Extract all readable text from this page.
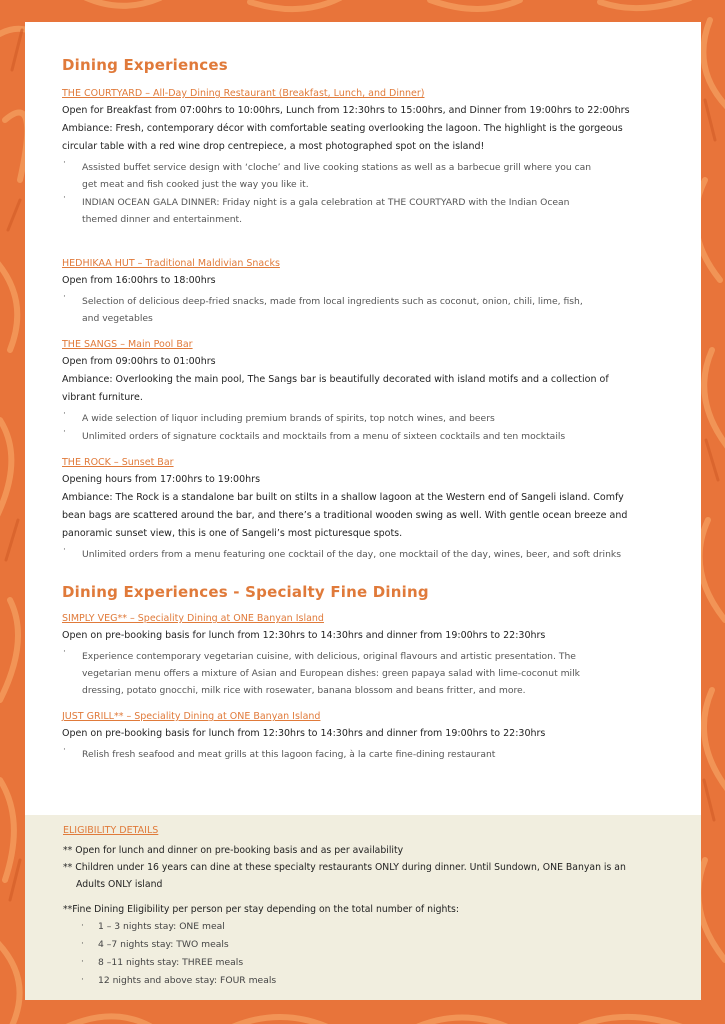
Dining Experiences
THE COURTYARD – All-Day Dining Restaurant (Breakfast, Lunch, and Dinner)

Open for Breakfast from 07:00hrs to 10:00hrs, Lunch from 12:30hrs to 15:00hrs, and Dinner from 19:00hrs to 22:00hrs

Ambiance: Fresh, contemporary décor with comfortable seating overlooking the lagoon. The highlight is the gorgeous

circular table with a red wine drop centrepiece, a most photographed spot on the island!

· Assisted buffet service design with ‘cloche’ and live cooking stations as well as a barbecue grill where you can
get meat and fish cooked just the way you like it.
· INDIAN OCEAN GALA DINNER: Friday night is a gala celebration at THE COURTYARD with the Indian Ocean
themed dinner and entertainment.
HEDHIKAA HUT – Traditional Maldivian Snacks

Open from 16:00hrs to 18:00hrs

· Selection of delicious deep-fried snacks, made from local ingredients such as coconut, onion, chili, lime, fish,
and vegetables
THE SANGS – Main Pool Bar

Open from 09:00hrs to 01:00hrs

Ambiance: Overlooking the main pool, The Sangs bar is beautifully decorated with island motifs and a collection of

vibrant furniture.

· A wide selection of liquor including premium brands of spirits, top notch wines, and beers
· Unlimited orders of signature cocktails and mocktails from a menu of sixteen cocktails and ten mocktails
THE ROCK – Sunset Bar

Opening hours from 17:00hrs to 19:00hrs

Ambiance: The Rock is a standalone bar built on stilts in a shallow lagoon at the Western end of Sangeli island. Comfy

bean bags are scattered around the bar, and there’s a traditional wooden swing as well. With gentle ocean breeze and

panoramic sunset view, this is one of Sangeli’s most picturesque spots.

· Unlimited orders from a menu featuring one cocktail of the day, one mocktail of the day, wines, beer, and soft drinks
Dining Experiences - Specialty Fine Dining
SIMPLY VEG** – Speciality Dining at ONE Banyan Island

Open on pre-booking basis for lunch from 12:30hrs to 14:30hrs and dinner from 19:00hrs to 22:30hrs

· Experience contemporary vegetarian cuisine, with delicious, original flavours and artistic presentation. The
vegetarian menu offers a mixture of Asian and European dishes: green papaya salad with lime-coconut milk
dressing, potato gnocchi, milk rice with rosewater, banana blossom and beans fritter, and more.
JUST GRILL** – Speciality Dining at ONE Banyan Island

Open on pre-booking basis for lunch from 12:30hrs to 14:30hrs and dinner from 19:00hrs to 22:30hrs

· Relish fresh seafood and meat grills at this lagoon facing, à la carte fine-dining restaurant
ELIGIBILITY DETAILS

** Open for lunch and dinner on pre-booking basis and as per availability

** Children under 16 years can dine at these specialty restaurants ONLY during dinner. Until Sundown, ONE Banyan is an

Adults ONLY island

**Fine Dining Eligibility per person per stay depending on the total number of nights:

· 1 – 3 nights stay: ONE meal
· 4 –7 nights stay: TWO meals
· 8 –11 nights stay: THREE meals
· 12 nights and above stay: FOUR meals
